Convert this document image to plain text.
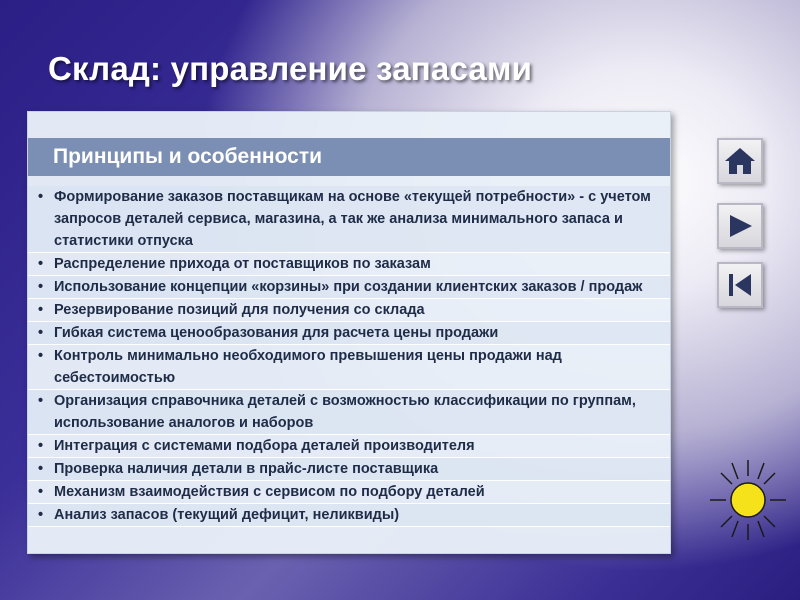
Склад: управление запасами
Принципы и особенности
• Формирование заказов поставщикам на основе «текущей потребности» - с учетом запросов деталей сервиса, магазина, а так же анализа минимального запаса и статистики отпуска
• Распределение прихода от поставщиков по заказам
• Использование концепции «корзины» при создании клиентских заказов / продаж
• Резервирование позиций для получения со склада
• Гибкая система ценообразования для расчета цены продажи
• Контроль минимально необходимого превышения цены продажи над себестоимостью
• Организация справочника деталей с возможностью классификации по группам, использование аналогов и наборов
• Интеграция с системами подбора деталей производителя
• Проверка наличия детали в прайс-листе поставщика
• Механизм взаимодействия с сервисом по подбору деталей
• Анализ запасов (текущий дефицит, неликвиды)
